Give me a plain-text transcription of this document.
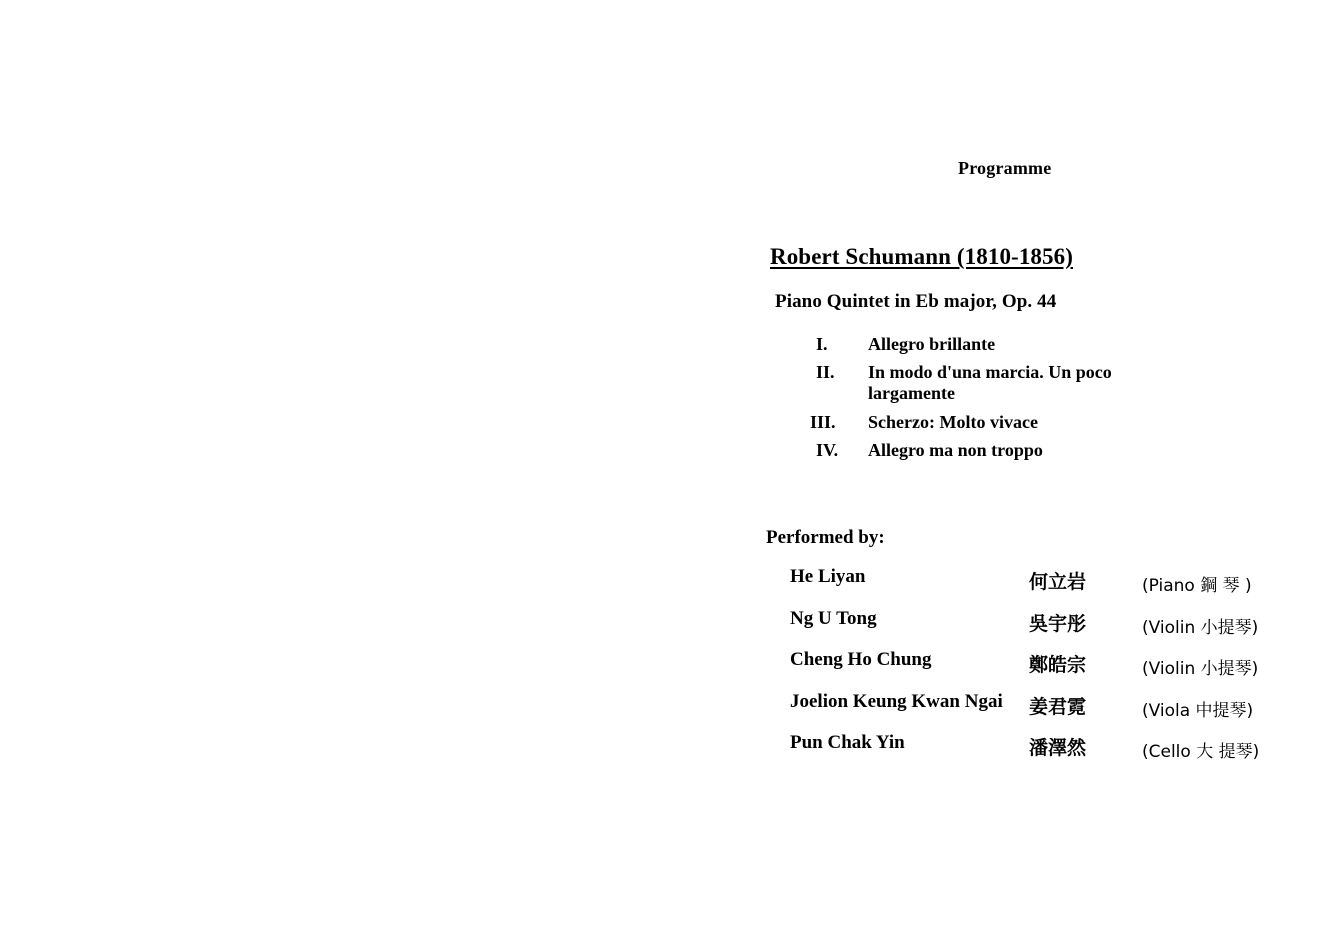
Programme
Robert Schumann (1810-1856)
Piano Quintet in Eb major, Op. 44
I.	Allegro brillante
II.	In modo d'una marcia. Un poco largamente
III.	Scherzo: Molto vivace
IV.	Allegro ma non troppo
Performed by:
He Liyan	何立岩	(Piano 鋼 琴 )
Ng U Tong	吳宇彤	(Violin 小提琴)
Cheng Ho Chung	鄭皓宗	(Violin 小提琴)
Joelion Keung Kwan Ngai 姜君霓	(Viola 中提琴)
Pun Chak Yin	潘澤然	(Cello 大 提琴)
